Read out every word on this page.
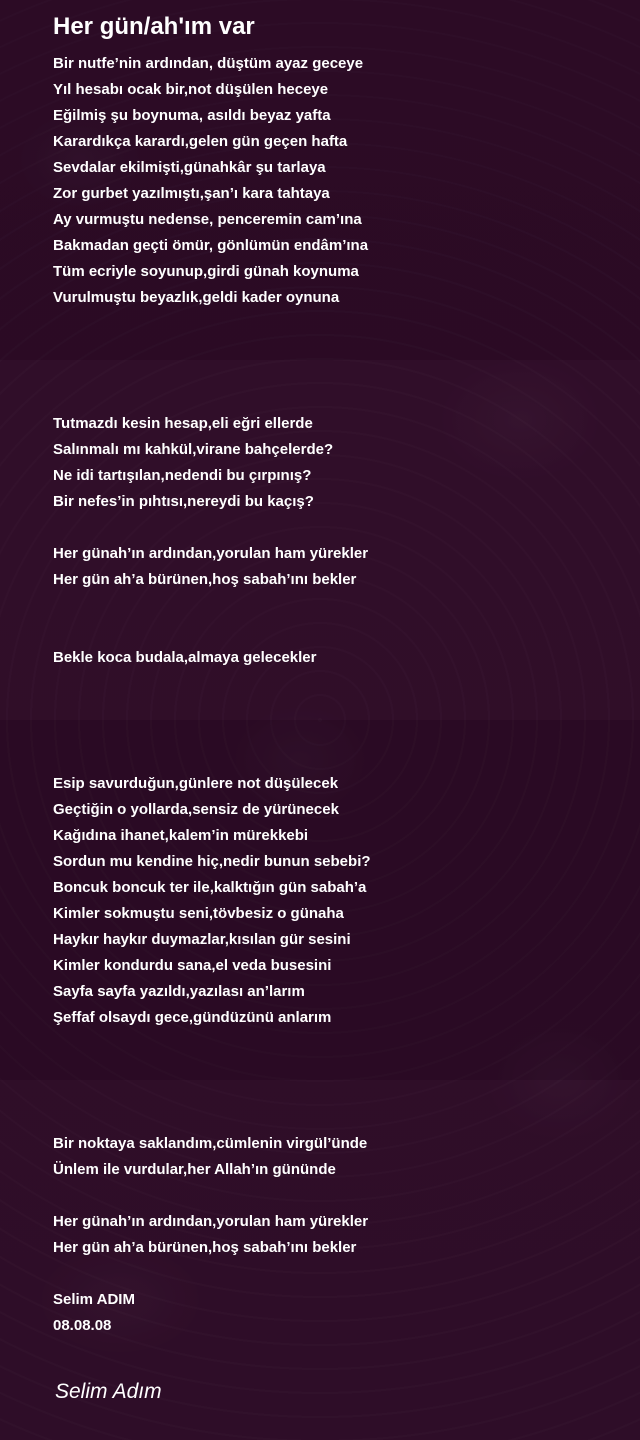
Her gün/ah'ım var

Bir nutfe’nin ardından, düştüm ayaz geceye

Yıl hesabı ocak bir,not düşülen heceye

Eğilmiş şu boynuma, asıldı beyaz yafta

Karardıkça karardı,gelen gün geçen hafta

Sevdalar ekilmişti,günahkâr şu tarlaya

Zor gurbet yazılmıştı,şan’ı kara tahtaya

Ay vurmuştu nedense, penceremin cam’ına

Bakmadan geçti ömür, gönlümün endâm’ına

Tüm ecriyle soyunup,girdi günah koynuma

Vurulmuştu beyazlık,geldi kader oynuna

Tutmazdı kesin hesap,eli eğri ellerde

Salınmalı mı kahkül,virane bahçelerde?

Ne idi tartışılan,nedendi bu çırpınış?

Bir nefes’in pıhtısı,nereydi bu kaçış?

Her günah’ın ardından,yorulan ham yürekler

Her gün ah’a bürünen,hoş sabah’ını bekler

Bekle koca budala,almaya gelecekler

Esip savurduğun,günlere not düşülecek

Geçtiğin o yollarda,sensiz de yürünecek

Kağıdına ihanet,kalem’in mürekkebi

Sordun mu kendine hiç,nedir bunun sebebi?

Boncuk boncuk ter ile,kalktığın gün sabah’a

Kimler sokmuştu seni,tövbesiz o günaha

Haykır haykır duymazlar,kısılan gür sesini

Kimler kondurdu sana,el veda busesini

Sayfa sayfa yazıldı,yazılası an’larım

Şeffaf olsaydı gece,gündüzünü anlarım

Bir noktaya saklandım,cümlenin virgül’ünde

Ünlem ile vurdular,her Allah’ın gününde

Her günah’ın ardından,yorulan ham yürekler

Her gün ah’a bürünen,hoş sabah’ını bekler

Selim ADIM

08.08.08

Selim Adım
